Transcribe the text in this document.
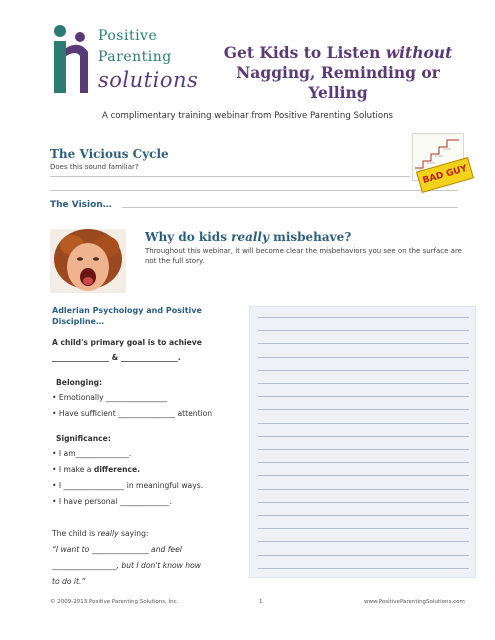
Positive
Parenting
solutions
Get Kids to Listen without
Nagging, Reminding or Yelling
A complimentary training webinar from Positive Parenting Solutions
The Vicious Cycle
Does this sound familiar?	BAD GUY
The Vision…
Why do kids really misbehave?
Throughout this webinar, it will become clear the misbehaviors you see on the surface are not the full story.
Adlerian Psychology and Positive Discipline…
A child's primary goal is to achieve
_______________ & _______________.
Belonging:
• Emotionally ________________
• Have sufficient _______________ attention
Significance:
• I am______________.
• I make a difference.
• I ________________ in meaningful ways.
• I have personal _____________.
The child is really saying:
“I want to _______________ and feel
_________________, but I don't know how
to do it.”
© 2009-2013 Positive Parenting Solutions, Inc.	1	www.PositiveParentingSolutions.com
